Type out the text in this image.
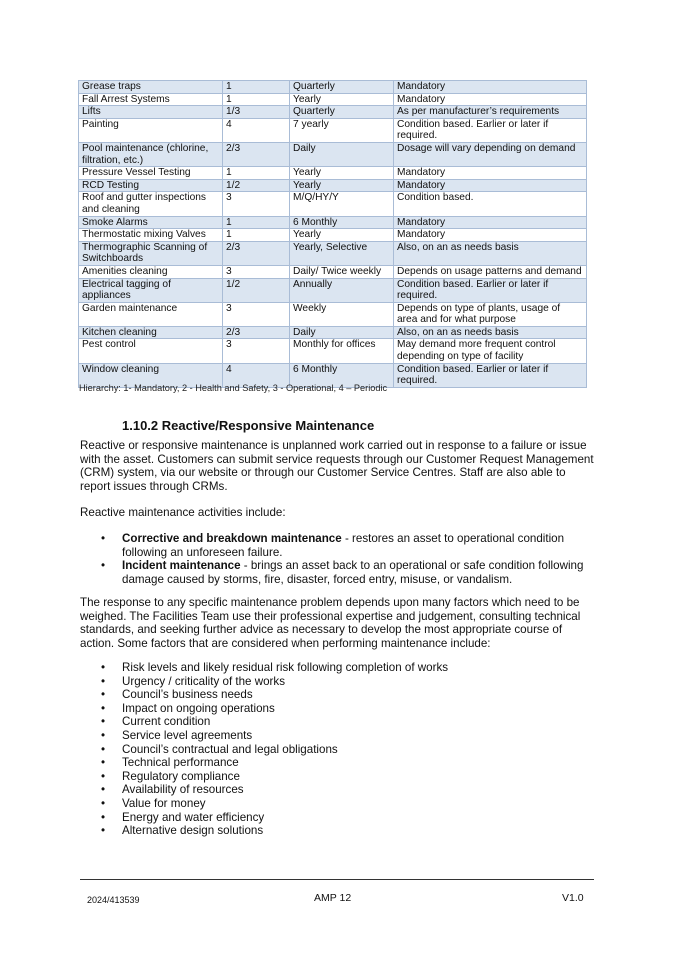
Grease traps	1	Quarterly	Mandatory
Fall Arrest Systems	1	Yearly	Mandatory
Lifts	1/3	Quarterly	As per manufacturer’s requirements
Painting	4	7 yearly	Condition based. Earlier or later if required.
Pool maintenance (chlorine, filtration, etc.)	2/3	Daily	Dosage will vary depending on demand
Pressure Vessel Testing	1	Yearly	Mandatory
RCD Testing	1/2	Yearly	Mandatory
Roof and gutter inspections and cleaning	3	M/Q/HY/Y	Condition based.
Smoke Alarms	1	6 Monthly	Mandatory
Thermostatic mixing Valves	1	Yearly	Mandatory
Thermographic Scanning of Switchboards	2/3	Yearly, Selective	Also, on an as needs basis
Amenities cleaning	3	Daily/ Twice weekly	Depends on usage patterns and demand
Electrical tagging of appliances	1/2	Annually	Condition based. Earlier or later if required.
Garden maintenance	3	Weekly	Depends on type of plants, usage of area and for what purpose
Kitchen cleaning	2/3	Daily	Also, on an as needs basis
Pest control	3	Monthly for offices	May demand more frequent control depending on type of facility
Window cleaning	4	6 Monthly	Condition based. Earlier or later if required.
Hierarchy: 1- Mandatory, 2 - Health and Safety, 3 - Operational, 4 – Periodic
1.10.2 Reactive/Responsive Maintenance
Reactive or responsive maintenance is unplanned work carried out in response to a failure or issue with the asset. Customers can submit service requests through our Customer Request Management (CRM) system, via our website or through our Customer Service Centres. Staff are also able to report issues through CRMs.
Reactive maintenance activities include:
• Corrective and breakdown maintenance - restores an asset to operational condition following an unforeseen failure.
• Incident maintenance - brings an asset back to an operational or safe condition following damage caused by storms, fire, disaster, forced entry, misuse, or vandalism.
The response to any specific maintenance problem depends upon many factors which need to be weighed. The Facilities Team use their professional expertise and judgement, consulting technical standards, and seeking further advice as necessary to develop the most appropriate course of action. Some factors that are considered when performing maintenance include:
• Risk levels and likely residual risk following completion of works
• Urgency / criticality of the works
• Council’s business needs
• Impact on ongoing operations
• Current condition
• Service level agreements
• Council’s contractual and legal obligations
• Technical performance
• Regulatory compliance
• Availability of resources
• Value for money
• Energy and water efficiency
• Alternative design solutions
2024/413539	AMP 12	V1.0
